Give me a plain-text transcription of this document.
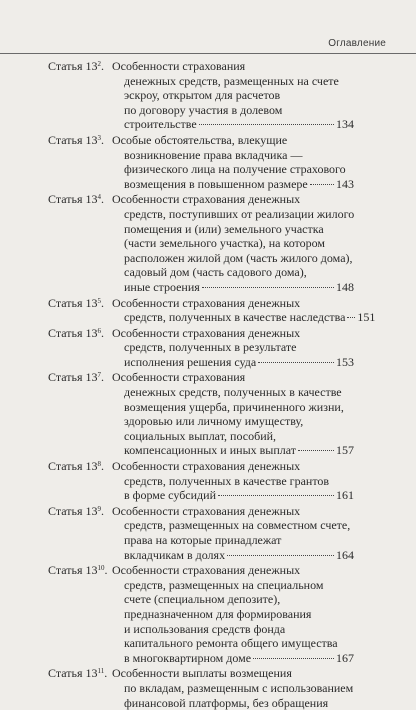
Оглавление
Статья $13^2$. Особенности страхования
денежных средств, размещенных на счете
эскроу, открытом для расчетов
по договору участия в долевом
строительстве	134
Статья $13^3$. Особые обстоятельства, влекущие
возникновение права вкладчика —
физического лица на получение страхового
возмещения в повышенном размере 143
Статья $13^4$. Особенности страхования денежных
средств, поступивших от реализации жилого
помещения и (или) земельного участка
(части земельного участка), на котором
расположен жилой дом (часть жилого дома),
садовый дом (часть садового дома),
иные строения	148
Статья $13^5$. Особенности страхования денежных
средств, полученных в качестве наследства 151
Статья $13^6$. Особенности страхования денежных
средств, полученных в результате
исполнения решения суда	153
Статья $13^7$. Особенности страхования
денежных средств, полученных в качестве
возмещения ущерба, причиненного жизни,
здоровью или личному имуществу,
социальных выплат, пособий,
компенсационных и иных выплат	157
Статья $13^8$. Особенности страхования денежных
средств, полученных в качестве грантов
в форме субсидий	161
Статья $13^9$. Особенности страхования денежных
средств, размещенных на совместном счете,
права на которые принадлежат
вкладчикам в долях	164
Статья $13^{10}$. Особенности страхования денежных
средств, размещенных на специальном
счете (специальном депозите),
предназначенном для формирования
и использования средств фонда
капитального ремонта общего имущества
в многоквартирном доме	167
Статья $13^{11}$. Особенности выплаты возмещения
по вкладам, размещенным с использованием
финансовой платформы, без обращения
